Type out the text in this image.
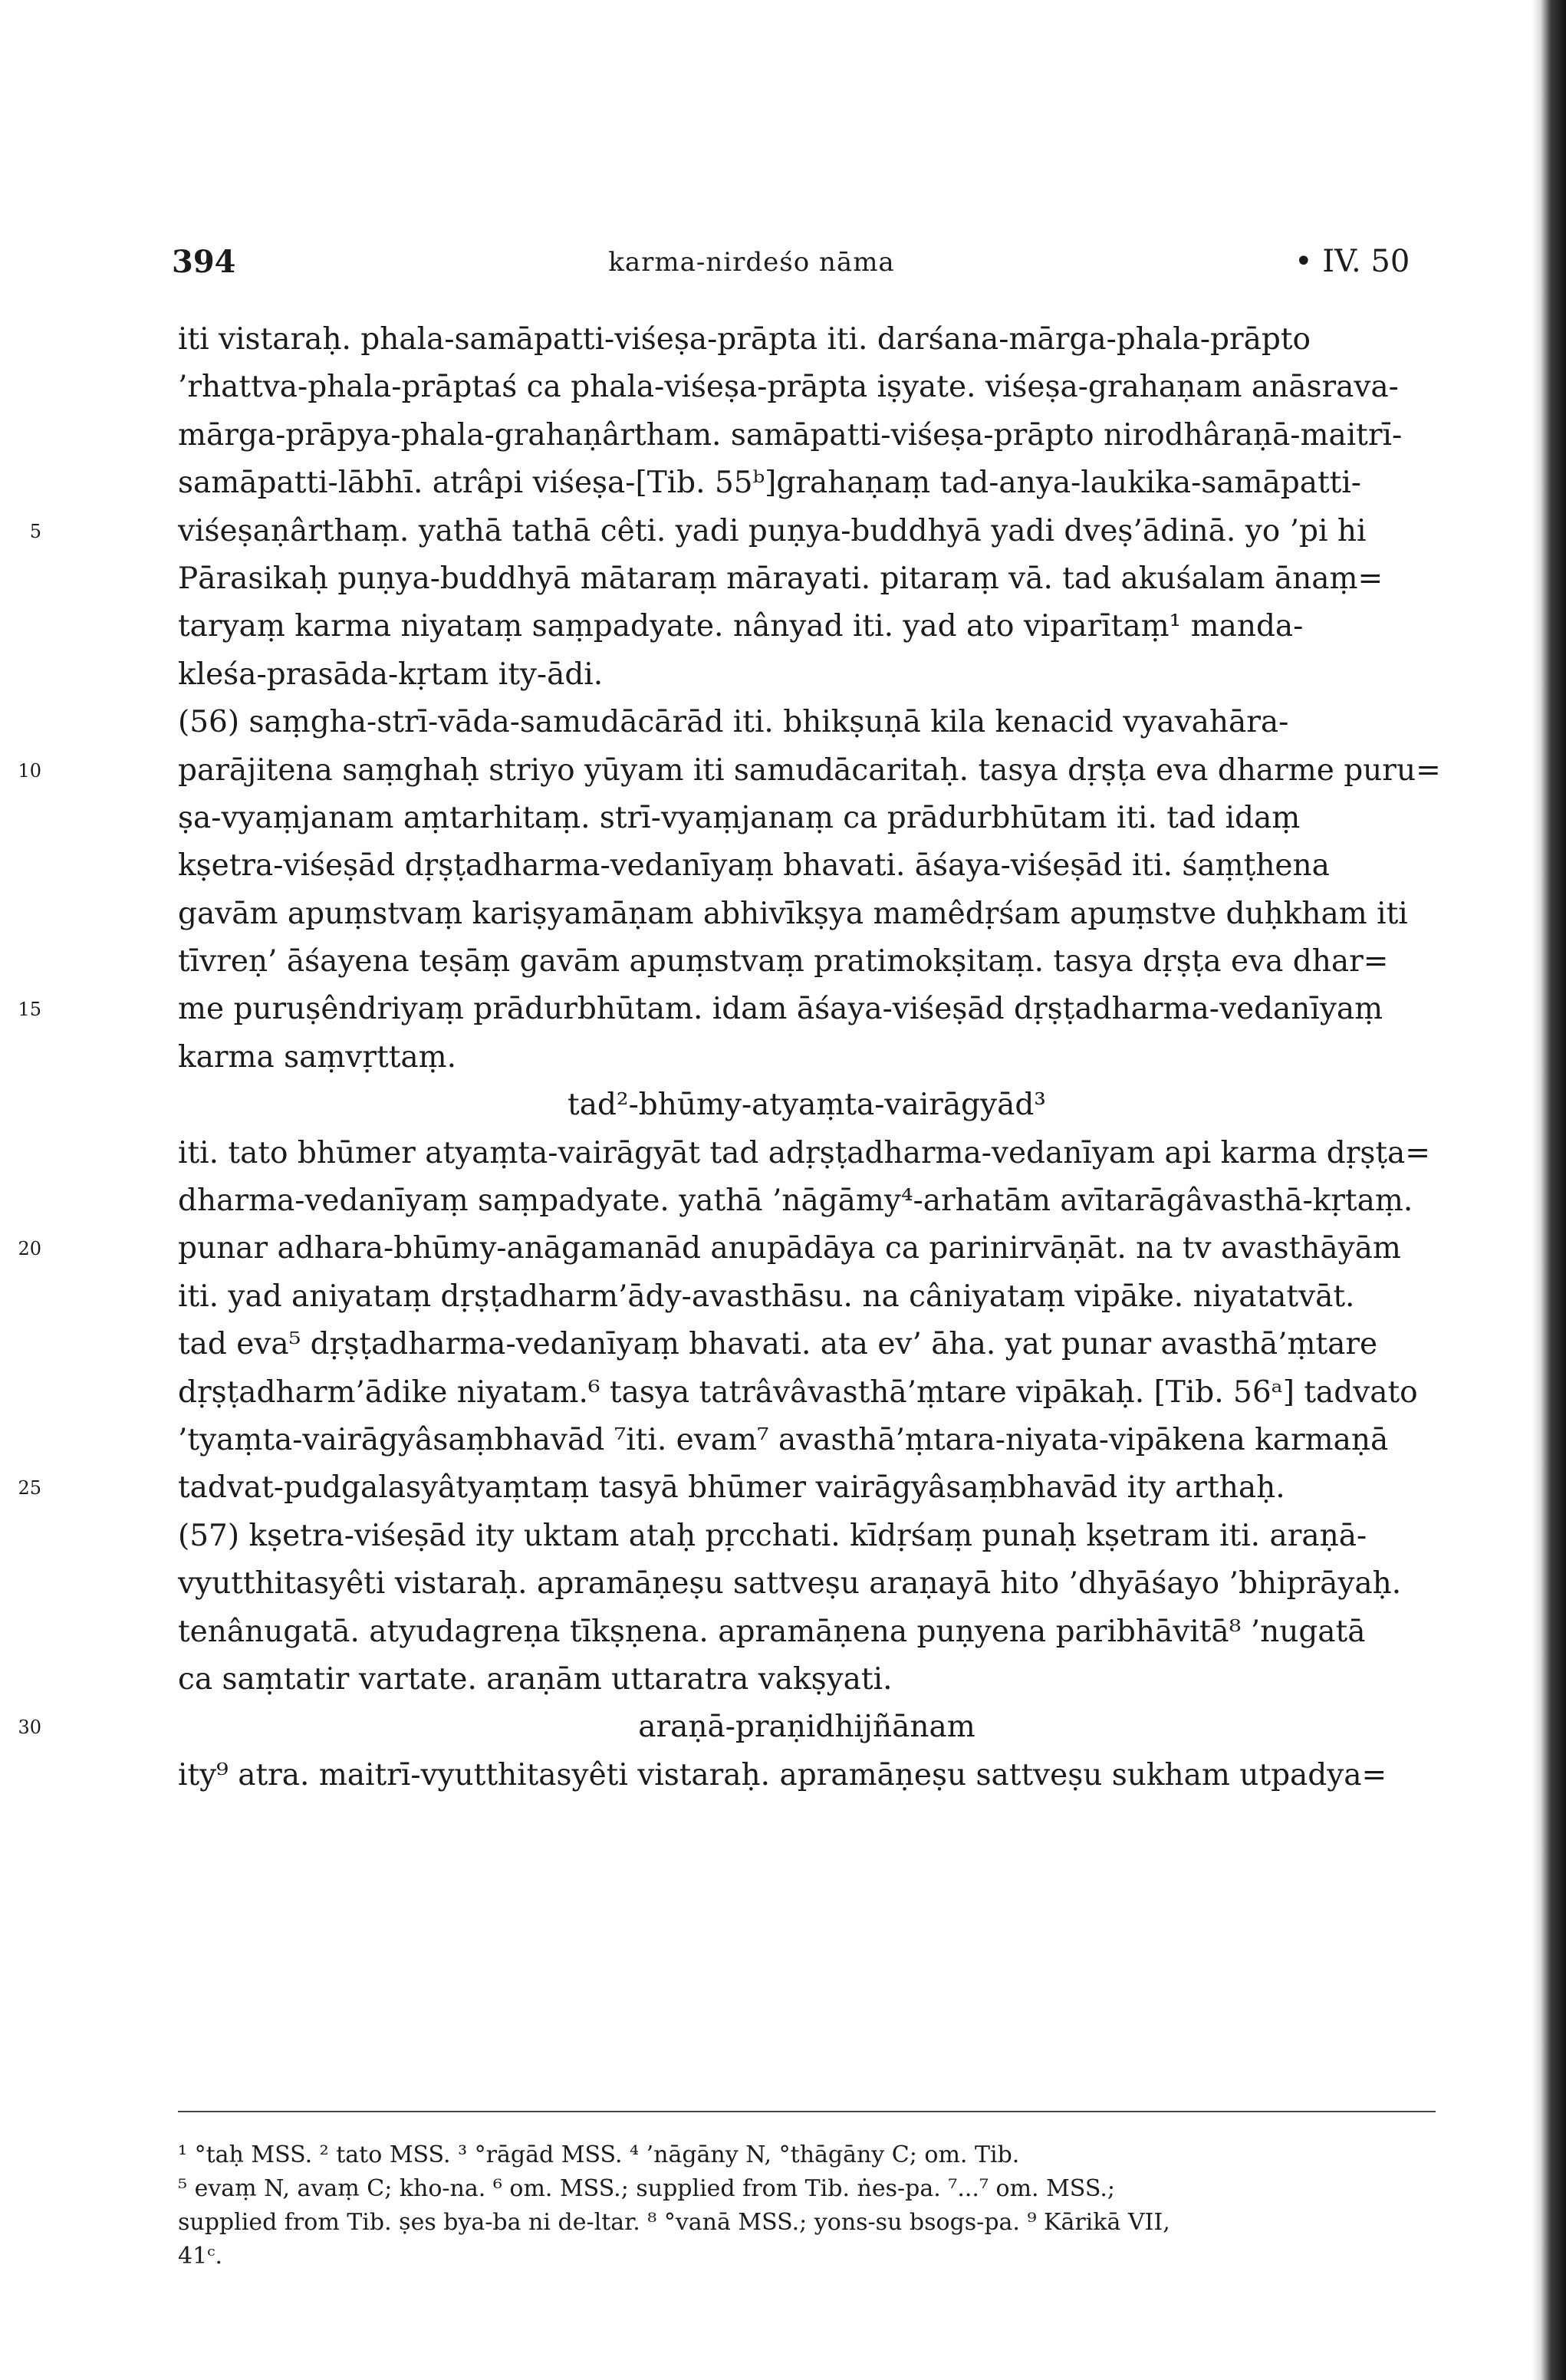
394	karma-nirdeśo nāma	• IV. 50
iti vistaraḥ. phala-samāpatti-viśeṣa-prāpta iti. darśana-mārga-phala-prāpto
’rhattva-phala-prāptaś ca phala-viśeṣa-prāpta iṣyate. viśeṣa-grahaṇam anāsrava-
mārga-prāpya-phala-grahaṇârtham. samāpatti-viśeṣa-prāpto nirodhâraṇā-maitrī-
samāpatti-lābhī. atrâpi viśeṣa-[Tib. 55ᵇ]grahaṇaṃ tad-anya-laukika-samāpatti-
5	viśeṣaṇârthaṃ. yathā tathā cêti. yadi puṇya-buddhyā yadi dveṣ’ādinā. yo ’pi hi
Pārasikaḥ puṇya-buddhyā mātaraṃ mārayati. pitaraṃ vā. tad akuśalam ānaṃ=
taryaṃ karma niyataṃ saṃpadyate. nânyad iti. yad ato viparītaṃ¹ manda-
kleśa-prasāda-kṛtam ity-ādi.
(56) saṃgha-strī-vāda-samudācārād iti. bhikṣuṇā kila kenacid vyavahāra-
10	parājitena saṃghaḥ striyo yūyam iti samudācaritaḥ. tasya dṛṣṭa eva dharme puru=
ṣa-vyaṃjanam aṃtarhitaṃ. strī-vyaṃjanaṃ ca prādurbhūtam iti. tad idaṃ
kṣetra-viśeṣād dṛṣṭadharma-vedanīyaṃ bhavati. āśaya-viśeṣād iti. śaṃṭhena
gavām apuṃstvaṃ kariṣyamāṇam abhivīkṣya mamêdṛśam apuṃstve duḥkham iti
tīvreṇ’ āśayena teṣāṃ gavām apuṃstvaṃ pratimokṣitaṃ. tasya dṛṣṭa eva dhar=
15	me puruṣêndriyaṃ prādurbhūtam. idam āśaya-viśeṣād dṛṣṭadharma-vedanīyaṃ
karma saṃvṛttaṃ.
tad²-bhūmy-atyaṃta-vairāgyād³
iti. tato bhūmer atyaṃta-vairāgyāt tad adṛṣṭadharma-vedanīyam api karma dṛṣṭa=
dharma-vedanīyaṃ saṃpadyate. yathā ’nāgāmy⁴-arhatām avītarāgâvasthā-kṛtaṃ.
20	punar adhara-bhūmy-anāgamanād anupādāya ca parinirvāṇāt. na tv avasthāyām
iti. yad aniyataṃ dṛṣṭadharm’ādy-avasthāsu. na câniyataṃ vipāke. niyatatvāt.
tad eva⁵ dṛṣṭadharma-vedanīyaṃ bhavati. ata ev’ āha. yat punar avasthā’ṃtare
dṛṣṭadharm’ādike niyatam.⁶ tasya tatrâvâvasthā’ṃtare vipākaḥ. [Tib. 56ᵃ] tadvato
’tyaṃta-vairāgyâsaṃbhavād ⁷iti. evam⁷ avasthā’ṃtara-niyata-vipākena karmaṇā
25	tadvat-pudgalasyâtyaṃtaṃ tasyā bhūmer vairāgyâsaṃbhavād ity arthaḥ.
(57) kṣetra-viśeṣād ity uktam ataḥ pṛcchati. kīdṛśaṃ punaḥ kṣetram iti. araṇā-
vyutthitasyêti vistaraḥ. apramāṇeṣu sattveṣu araṇayā hito ’dhyāśayo ’bhiprāyaḥ.
tenânugatā. atyudagreṇa tīkṣṇena. apramāṇena puṇyena paribhāvitā⁸ ’nugatā
ca saṃtatir vartate. araṇām uttaratra vakṣyati.
30	araṇā-praṇidhijñānam
ity⁹ atra. maitrī-vyutthitasyêti vistaraḥ. apramāṇeṣu sattveṣu sukham utpadya=
¹ °taḥ MSS. ² tato MSS. ³ °rāgād MSS. ⁴ ’nāgāny N, °thāgāny C; om. Tib.
⁵ evaṃ N, avaṃ C; kho-na. ⁶ om. MSS.; supplied from Tib. ṅes-pa. ⁷...⁷ om. MSS.;
supplied from Tib. ṣes bya-ba ni de-ltar. ⁸ °vanā MSS.; yons-su bsogs-pa. ⁹ Kārikā VII,
41ᶜ.
